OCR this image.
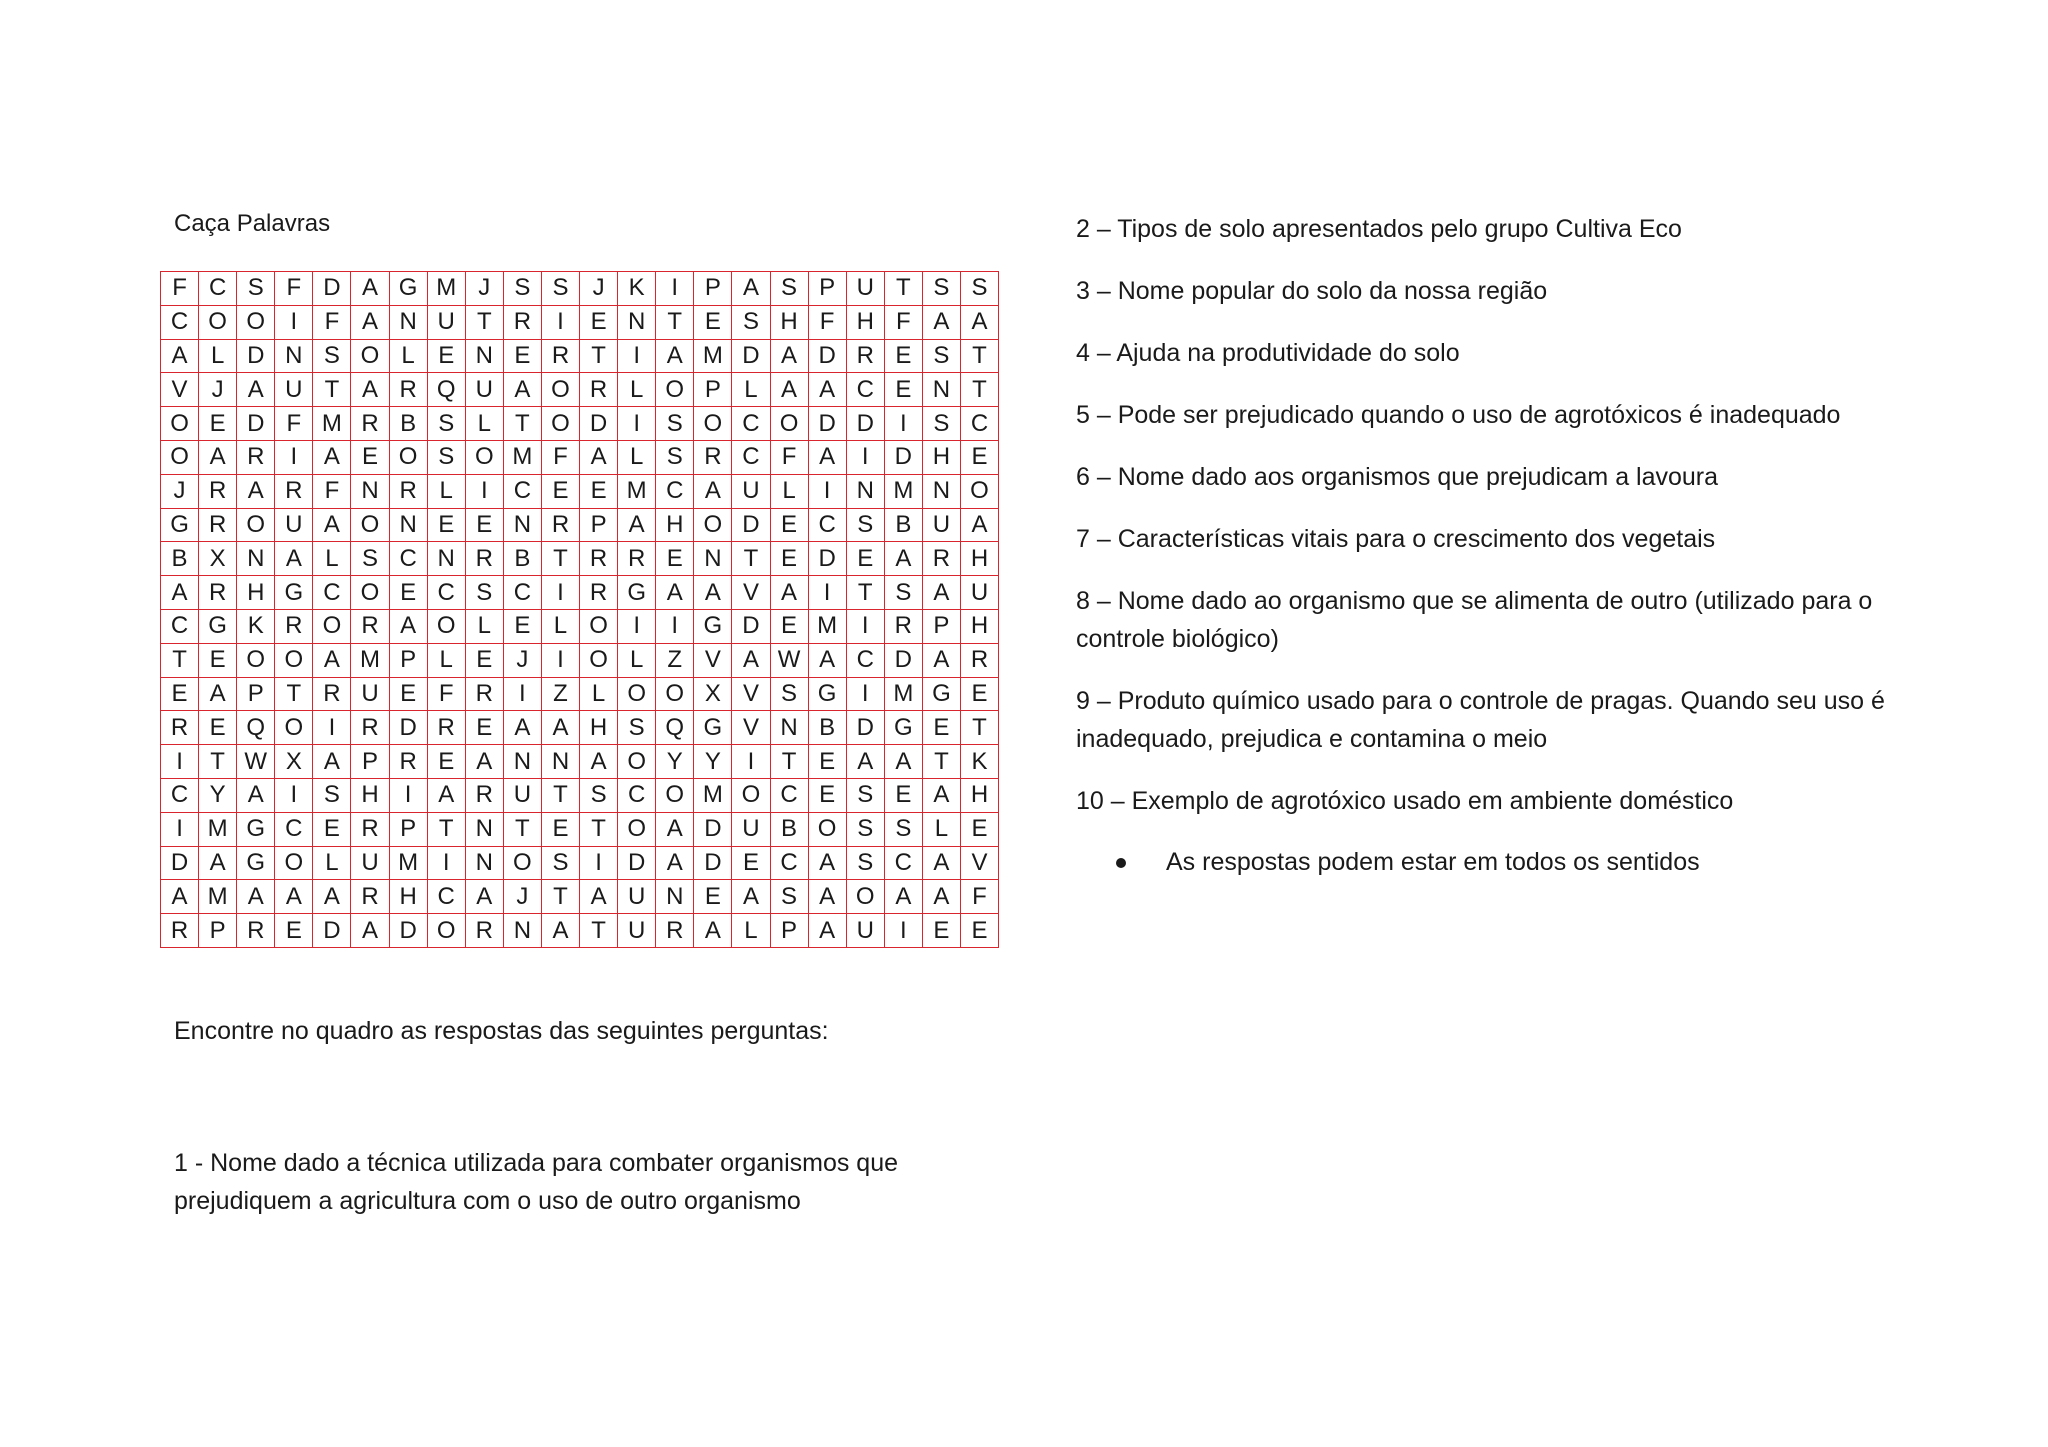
Caça Palavras
F	C	S	F	D	A	G	M	J	S	S	J	K	I	P	A	S	P	U	T	S	S
C	O	O	I	F	A	N	U	T	R	I	E	N	T	E	S	H	F	H	F	A	A
A	L	D	N	S	O	L	E	N	E	R	T	I	A	M	D	A	D	R	E	S	T
V	J	A	U	T	A	R	Q	U	A	O	R	L	O	P	L	A	A	C	E	N	T
O	E	D	F	M	R	B	S	L	T	O	D	I	S	O	C	O	D	D	I	S	C
O	A	R	I	A	E	O	S	O	M	F	A	L	S	R	C	F	A	I	D	H	E
J	R	A	R	F	N	R	L	I	C	E	E	M	C	A	U	L	I	N	M	N	O
G	R	O	U	A	O	N	E	E	N	R	P	A	H	O	D	E	C	S	B	U	A
B	X	N	A	L	S	C	N	R	B	T	R	R	E	N	T	E	D	E	A	R	H
A	R	H	G	C	O	E	C	S	C	I	R	G	A	A	V	A	I	T	S	A	U
C	G	K	R	O	R	A	O	L	E	L	O	I	I	G	D	E	M	I	R	P	H
T	E	O	O	A	M	P	L	E	J	I	O	L	Z	V	A	W	A	C	D	A	R
E	A	P	T	R	U	E	F	R	I	Z	L	O	O	X	V	S	G	I	M	G	E
R	E	Q	O	I	R	D	R	E	A	A	H	S	Q	G	V	N	B	D	G	E	T
I	T	W	X	A	P	R	E	A	N	N	A	O	Y	Y	I	T	E	A	A	T	K
C	Y	A	I	S	H	I	A	R	U	T	S	C	O	M	O	C	E	S	E	A	H
I	M	G	C	E	R	P	T	N	T	E	T	O	A	D	U	B	O	S	S	L	E
D	A	G	O	L	U	M	I	N	O	S	I	D	A	D	E	C	A	S	C	A	V
A	M	A	A	A	R	H	C	A	J	T	A	U	N	E	A	S	A	O	A	A	F
R	P	R	E	D	A	D	O	R	N	A	T	U	R	A	L	P	A	U	I	E	E
Encontre no quadro as respostas das seguintes perguntas:
1 - Nome dado a técnica utilizada para combater organismos que prejudiquem a agricultura com o uso de outro organismo
2 – Tipos de solo apresentados pelo grupo Cultiva Eco
3 – Nome popular do solo da nossa região
4 – Ajuda na produtividade do solo
5 – Pode ser prejudicado quando o uso de agrotóxicos é inadequado
6 – Nome dado aos organismos que prejudicam a lavoura
7 – Características vitais para o crescimento dos vegetais
8 – Nome dado ao organismo que se alimenta de outro (utilizado para o controle biológico)
9 – Produto químico usado para o controle de pragas. Quando seu uso é inadequado, prejudica e contamina o meio
10 – Exemplo de agrotóxico usado em ambiente doméstico
As respostas podem estar em todos os sentidos
